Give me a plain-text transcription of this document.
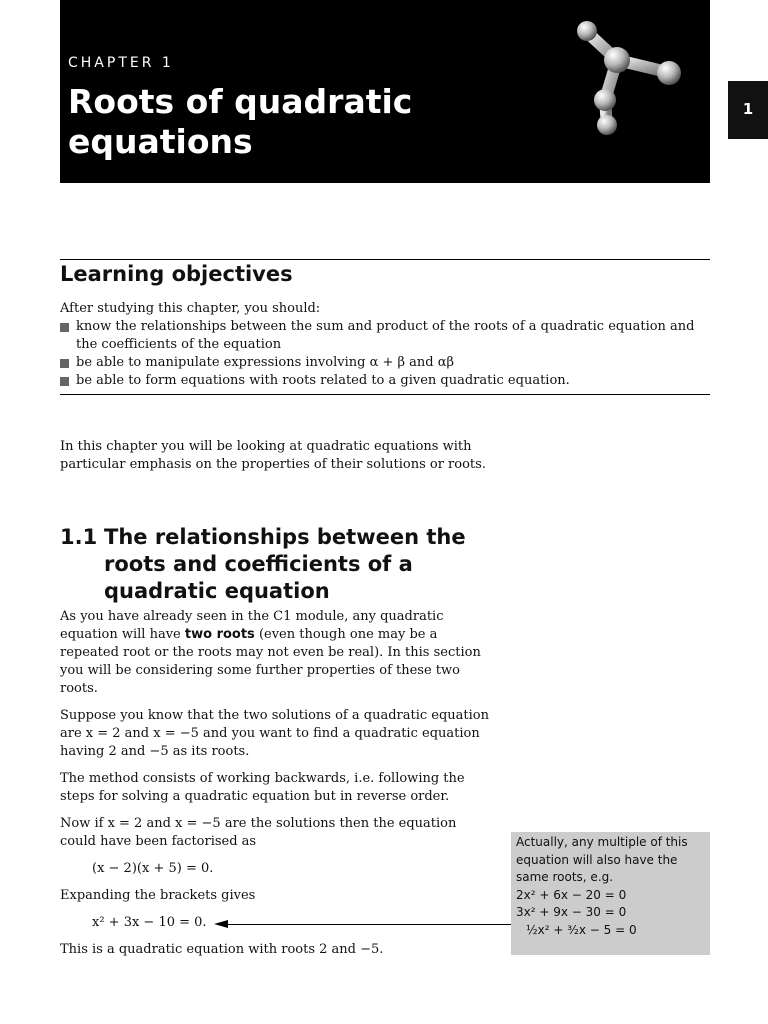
CHAPTER 1
Roots of quadratic equations
1
Learning objectives
After studying this chapter, you should:
know the relationships between the sum and product of the roots of a quadratic equation and the coefficients of the equation
be able to manipulate expressions involving α + β and αβ
be able to form equations with roots related to a given quadratic equation.

In this chapter you will be looking at quadratic equations with particular emphasis on the properties of their solutions or roots.

1.1 The relationships between the roots and coefficients of a quadratic equation

As you have already seen in the C1 module, any quadratic equation will have two roots (even though one may be a repeated root or the roots may not even be real). In this section you will be considering some further properties of these two roots.

Suppose you know that the two solutions of a quadratic equation are x = 2 and x = −5 and you want to find a quadratic equation having 2 and −5 as its roots.

The method consists of working backwards, i.e. following the steps for solving a quadratic equation but in reverse order.

Now if x = 2 and x = −5 are the solutions then the equation could have been factorised as

(x − 2)(x + 5) = 0.

Expanding the brackets gives

x² + 3x − 10 = 0.

This is a quadratic equation with roots 2 and −5.

Actually, any multiple of this equation will also have the same roots, e.g.
2x² + 6x − 20 = 0
3x² + 9x − 30 = 0
½x² + ³⁄₂x − 5 = 0
